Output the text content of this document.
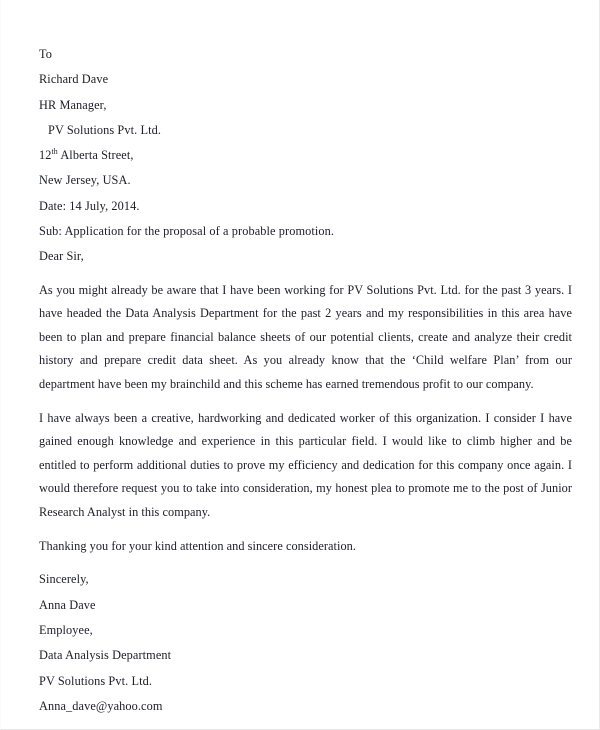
To
Richard Dave
HR Manager,
PV Solutions Pvt. Ltd.
12th Alberta Street,
New Jersey, USA.
Date: 14 July, 2014.
Sub: Application for the proposal of a probable promotion.
Dear Sir,

As you might already be aware that I have been working for PV Solutions Pvt. Ltd. for the past 3 years. I have headed the Data Analysis Department for the past 2 years and my responsibilities in this area have been to plan and prepare financial balance sheets of our potential clients, create and analyze their credit history and prepare credit data sheet. As you already know that the ‘Child welfare Plan’ from our department have been my brainchild and this scheme has earned tremendous profit to our company.

I have always been a creative, hardworking and dedicated worker of this organization. I consider I have gained enough knowledge and experience in this particular field. I would like to climb higher and be entitled to perform additional duties to prove my efficiency and dedication for this company once again. I would therefore request you to take into consideration, my honest plea to promote me to the post of Junior Research Analyst in this company.

Thanking you for your kind attention and sincere consideration.

Sincerely,
Anna Dave
Employee,
Data Analysis Department
PV Solutions Pvt. Ltd.
Anna_dave@yahoo.com
